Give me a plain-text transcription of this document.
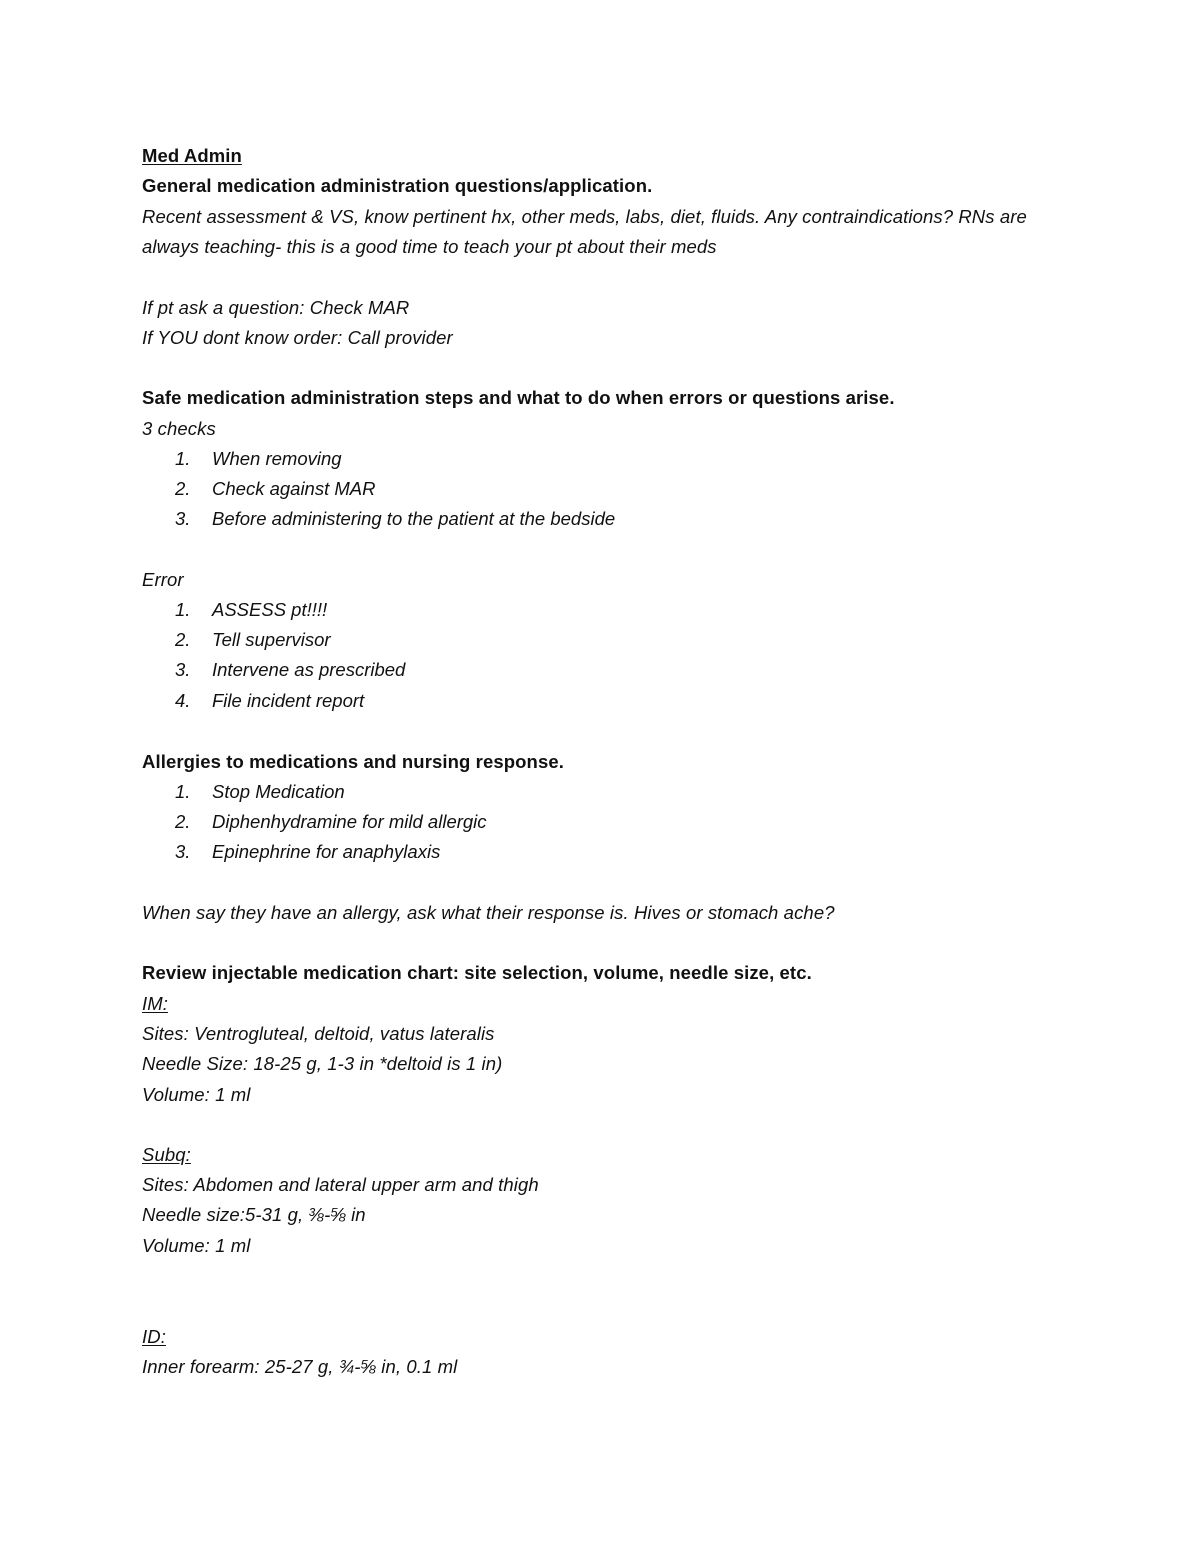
Med Admin
General medication administration questions/application.
Recent assessment & VS, know pertinent hx, other meds, labs, diet, fluids. Any contraindications? RNs are
always teaching- this is a good time to teach your pt about their meds
If pt ask a question: Check MAR
If YOU dont know order: Call provider
Safe medication administration steps and what to do when errors or questions arise.
3 checks
1. When removing
2. Check against MAR
3. Before administering to the patient at the bedside
Error
1. ASSESS pt!!!!
2. Tell supervisor
3. Intervene as prescribed
4. File incident report
Allergies to medications and nursing response.
1. Stop Medication
2. Diphenhydramine for mild allergic
3. Epinephrine for anaphylaxis
When say they have an allergy, ask what their response is. Hives or stomach ache?
Review injectable medication chart: site selection, volume, needle size, etc.
IM:
Sites: Ventrogluteal, deltoid, vatus lateralis
Needle Size: 18-25 g, 1-3 in *deltoid is 1 in)
Volume: 1 ml
Subq:
Sites: Abdomen and lateral upper arm and thigh
Needle size:5-31 g, ⅜-⅝ in
Volume: 1 ml
ID:
Inner forearm: 25-27 g, ¾-⅝ in, 0.1 ml
